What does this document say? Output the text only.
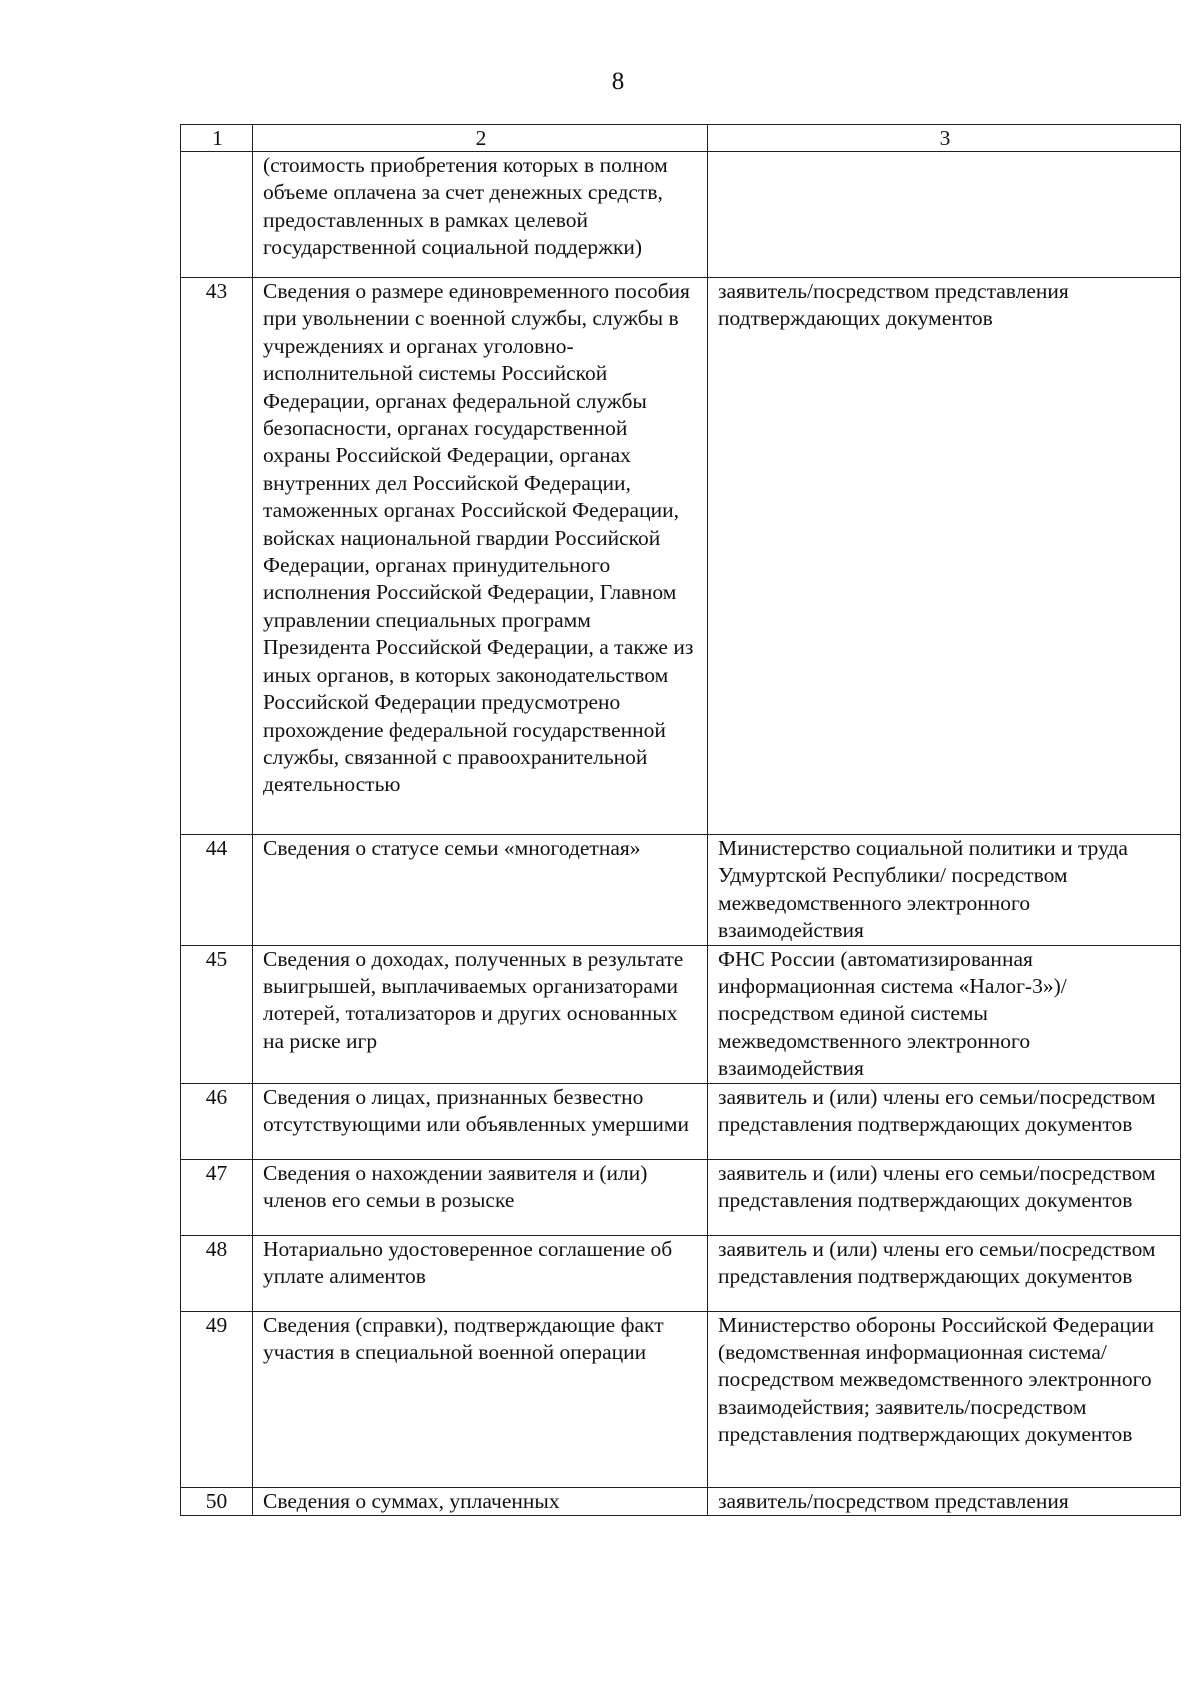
8
1	2	3
	(стоимость приобретения которых в полном объеме оплачена за счет денежных средств, предоставленных в рамках целевой государственной социальной поддержки)	
43	Сведения о размере единовременного пособия при увольнении с военной службы, службы в учреждениях и органах уголовно-исполнительной системы Российской Федерации, органах федеральной службы безопасности, органах государственной охраны Российской Федерации, органах внутренних дел Российской Федерации, таможенных органах Российской Федерации, войсках национальной гвардии Российской Федерации, органах принудительного исполнения Российской Федерации, Главном управлении специальных программ Президента Российской Федерации, а также из иных органов, в которых законодательством Российской Федерации предусмотрено прохождение федеральной государственной службы, связанной с правоохранительной деятельностью	заявитель/посредством представления подтверждающих документов
44	Сведения о статусе семьи «многодетная»	Министерство социальной политики и труда Удмуртской Республики/ посредством межведомственного электронного взаимодействия
45	Сведения о доходах, полученных в результате выигрышей, выплачиваемых организаторами лотерей, тотализаторов и других основанных на риске игр	ФНС России (автоматизированная информационная система «Налог-3»)/ посредством единой системы межведомственного электронного взаимодействия
46	Сведения о лицах, признанных безвестно отсутствующими или объявленных умершими	заявитель и (или) члены его семьи/посредством представления подтверждающих документов
47	Сведения о нахождении заявителя и (или) членов его семьи в розыске	заявитель и (или) члены его семьи/посредством представления подтверждающих документов
48	Нотариально удостоверенное соглашение об уплате алиментов	заявитель и (или) члены его семьи/посредством представления подтверждающих документов
49	Сведения (справки), подтверждающие факт участия в специальной военной операции	Министерство обороны Российской Федерации (ведомственная информационная система/посредством межведомственного электронного взаимодействия; заявитель/посредством представления подтверждающих документов
50	Сведения о суммах, уплаченных	заявитель/посредством представления
